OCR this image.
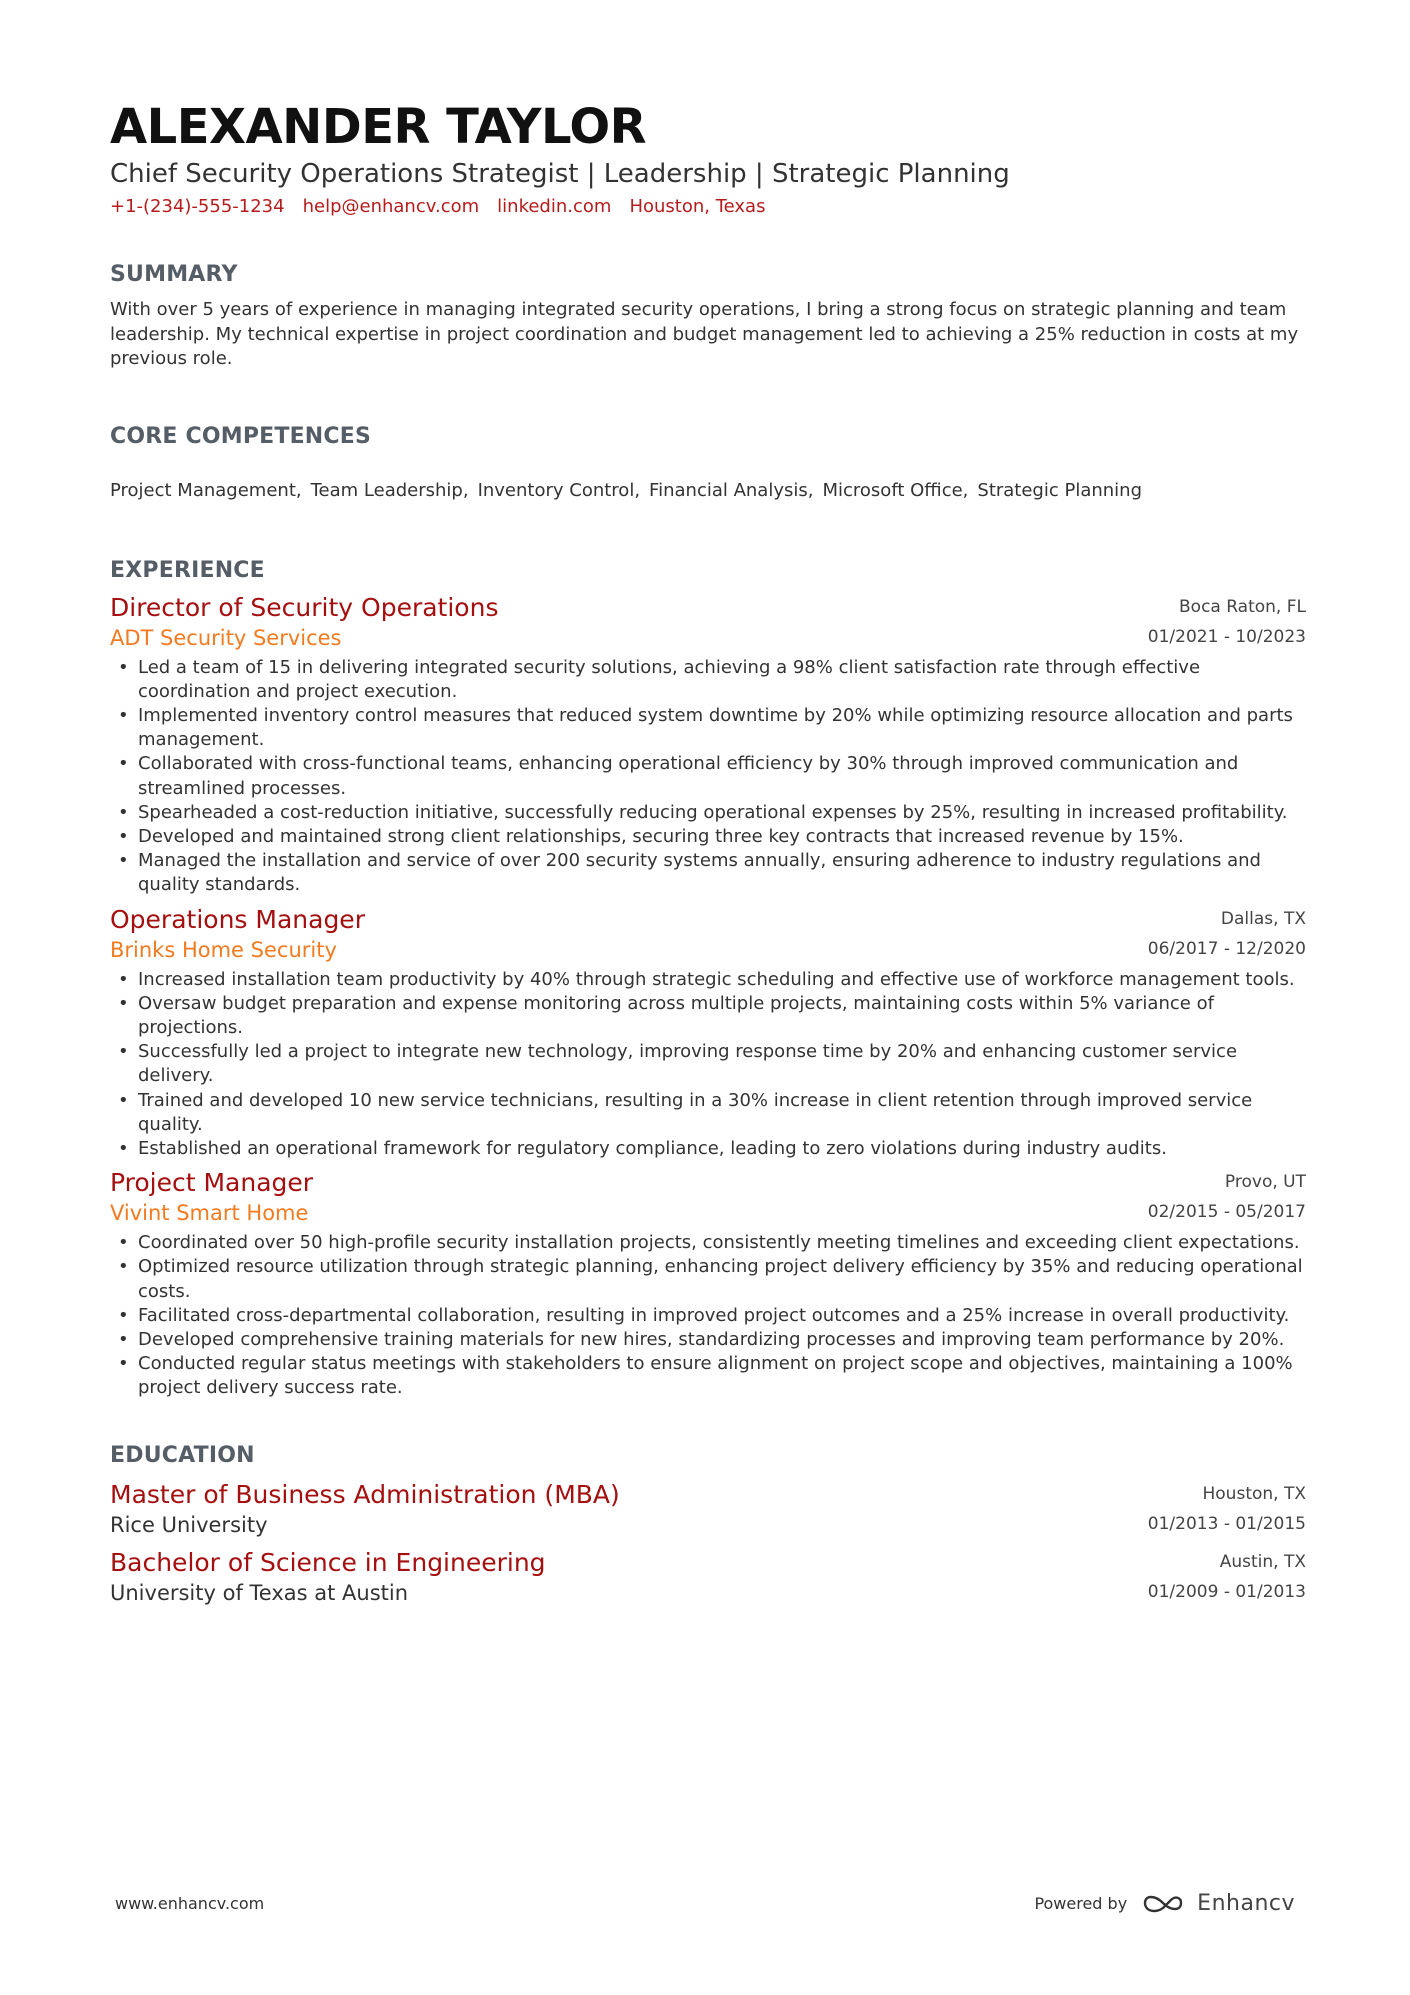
ALEXANDER TAYLOR
Chief Security Operations Strategist | Leadership | Strategic Planning
+1-(234)-555-1234 help@enhancv.com linkedin.com Houston, Texas
SUMMARY

With over 5 years of experience in managing integrated security operations, I bring a strong focus on strategic planning and team leadership. My technical expertise in project coordination and budget management led to achieving a 25% reduction in costs at my previous role.

CORE COMPETENCES
Project Management, Team Leadership, Inventory Control, Financial Analysis, Microsoft Office, Strategic Planning
EXPERIENCE
Director of Security Operations
ADT Security Services
Boca Raton, FL
01/2021 - 10/2023
• Led a team of 15 in delivering integrated security solutions, achieving a 98% client satisfaction rate through effective coordination and project execution.
• Implemented inventory control measures that reduced system downtime by 20% while optimizing resource allocation and parts management.
• Collaborated with cross-functional teams, enhancing operational efficiency by 30% through improved communication and streamlined processes.
• Spearheaded a cost-reduction initiative, successfully reducing operational expenses by 25%, resulting in increased profitability.
• Developed and maintained strong client relationships, securing three key contracts that increased revenue by 15%.
• Managed the installation and service of over 200 security systems annually, ensuring adherence to industry regulations and quality standards.
Operations Manager
Brinks Home Security
Dallas, TX
06/2017 - 12/2020
• Increased installation team productivity by 40% through strategic scheduling and effective use of workforce management tools.
• Oversaw budget preparation and expense monitoring across multiple projects, maintaining costs within 5% variance of projections.
• Successfully led a project to integrate new technology, improving response time by 20% and enhancing customer service delivery.
• Trained and developed 10 new service technicians, resulting in a 30% increase in client retention through improved service quality.
• Established an operational framework for regulatory compliance, leading to zero violations during industry audits.
Project Manager
Vivint Smart Home
Provo, UT
02/2015 - 05/2017
• Coordinated over 50 high-profile security installation projects, consistently meeting timelines and exceeding client expectations.
• Optimized resource utilization through strategic planning, enhancing project delivery efficiency by 35% and reducing operational costs.
• Facilitated cross-departmental collaboration, resulting in improved project outcomes and a 25% increase in overall productivity.
• Developed comprehensive training materials for new hires, standardizing processes and improving team performance by 20%.
• Conducted regular status meetings with stakeholders to ensure alignment on project scope and objectives, maintaining a 100% project delivery success rate.
EDUCATION
Master of Business Administration (MBA)
Rice University
Houston, TX
01/2013 - 01/2015
Bachelor of Science in Engineering
University of Texas at Austin
Austin, TX
01/2009 - 01/2013
www.enhancv.com	Powered by	Enhancv
